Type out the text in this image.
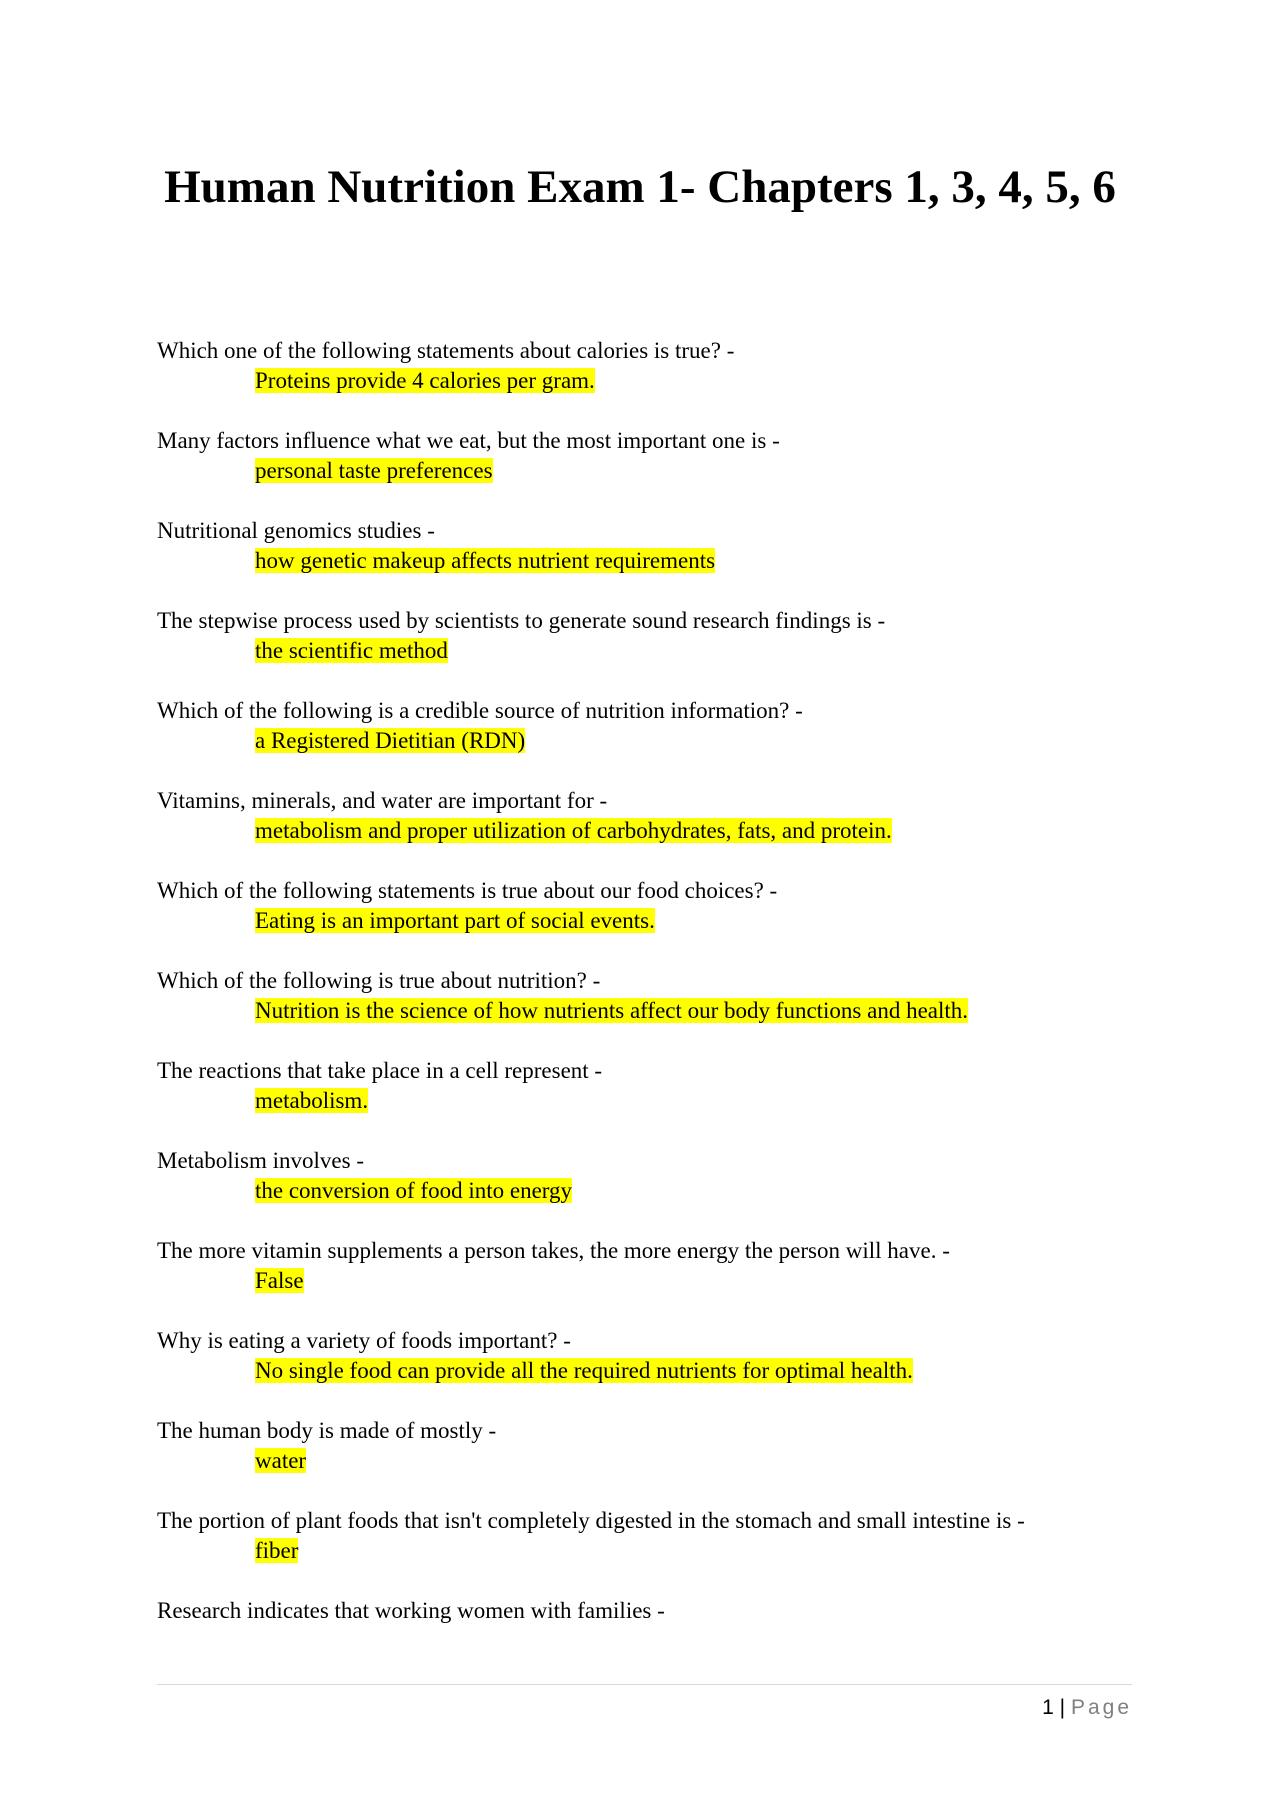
Human Nutrition Exam 1- Chapters 1, 3, 4, 5, 6

Which one of the following statements about calories is true? -

Proteins provide 4 calories per gram.

Many factors influence what we eat, but the most important one is -

personal taste preferences

Nutritional genomics studies -

how genetic makeup affects nutrient requirements

The stepwise process used by scientists to generate sound research findings is -

the scientific method

Which of the following is a credible source of nutrition information? -

a Registered Dietitian (RDN)

Vitamins, minerals, and water are important for -

metabolism and proper utilization of carbohydrates, fats, and protein.

Which of the following statements is true about our food choices? -

Eating is an important part of social events.

Which of the following is true about nutrition? -

Nutrition is the science of how nutrients affect our body functions and health.

The reactions that take place in a cell represent -

metabolism.

Metabolism involves -

the conversion of food into energy

The more vitamin supplements a person takes, the more energy the person will have. -

False

Why is eating a variety of foods important? -

No single food can provide all the required nutrients for optimal health.

The human body is made of mostly -

water

The portion of plant foods that isn't completely digested in the stomach and small intestine is -

fiber

Research indicates that working women with families -

1 | Page
